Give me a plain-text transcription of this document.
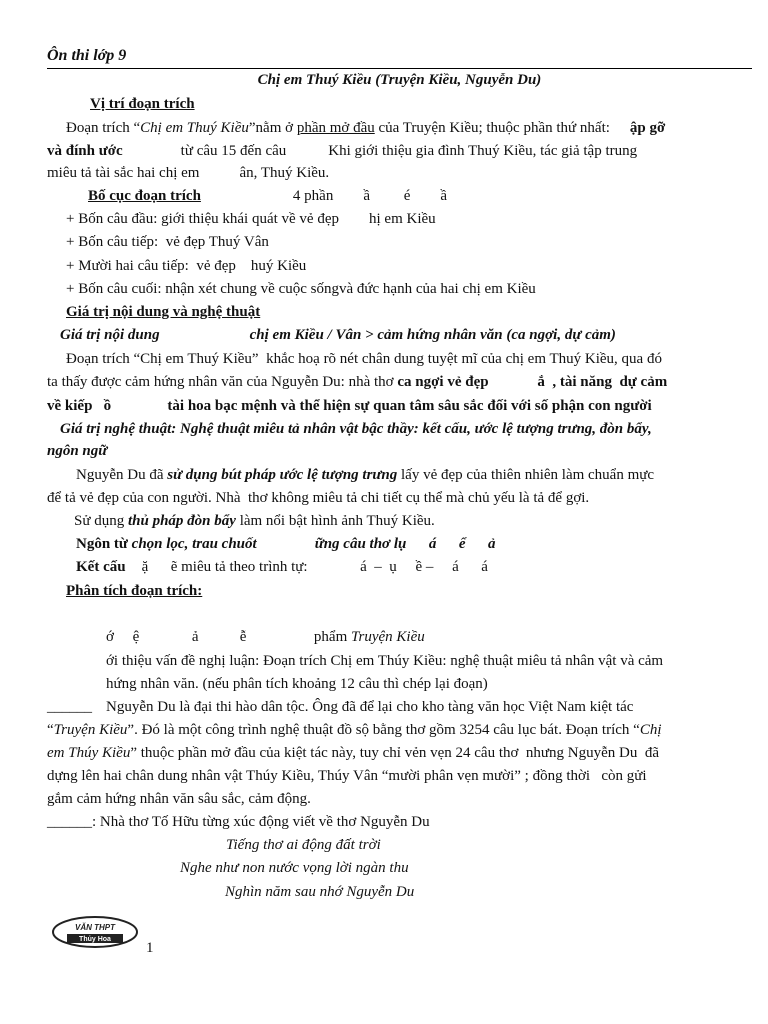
Ôn thi lớp 9
Chị em Thuý Kiều (Truyện Kiều, Nguyễn Du)
Vị trí đoạn trích
Đoạn trích “Chị em Thuý Kiều”nằm ở phần mở đầu của Truyện Kiều; thuộc phần thứ nhất: ập gỡ
và đính ước	từ câu 15 đến câu	Khi giới thiệu gia đình Thuý Kiều, tác giả tập trung
miêu tả tài sắc hai chị em	ân, Thuý Kiều.
Bố cục đoạn trích	4 phần        ầ         é        ầ
+ Bốn câu đầu: giới thiệu khái quát về vẻ đẹp        hị em Kiều
+ Bốn câu tiếp:  vẻ đẹp Thuý Vân
+ Mười hai câu tiếp:  vẻ đẹp    huý Kiều
+ Bốn câu cuối: nhận xét chung về cuộc sốngvà đức hạnh của hai chị em Kiều
Giá trị nội dung và nghệ thuật
Giá trị nội dung	chị em Kiều / Vân > cảm hứng nhân văn (ca ngợi, dự cảm)
Đoạn trích “Chị em Thuý Kiều”  khắc hoạ rõ nét chân dung tuyệt mĩ của chị em Thuý Kiều, qua đó
ta thấy được cảm hứng nhân văn của Nguyễn Du: nhà thơ ca ngợi vẻ đẹp             ắ  , tài năng  dự cảm
về kiếp   ồ               tài hoa bạc mệnh và thể hiện sự quan tâm sâu sắc đối với số phận con người
Giá trị nghệ thuật: Nghệ thuật miêu tả nhân vật bậc thầy: kết cấu, ước lệ tượng trưng, đòn bẩy,
ngôn ngữ
Nguyễn Du đã sử dụng bút pháp ước lệ tượng trưng lấy vẻ đẹp của thiên nhiên làm chuẩn mực
để tả vẻ đẹp của con người. Nhà  thơ không miêu tả chi tiết cụ thể mà chủ yếu là tả để gợi.
Sử dụng thủ pháp đòn bẩy làm nổi bật hình ảnh Thuý Kiều.
Ngôn từ chọn lọc, trau chuốt	ững câu thơ lụ      á      ể      ả
Kết cấu ặ      ẽ miêu tả theo trình tự:              á  –  ụ     ề –     á      á
Phân tích đoạn trích:
ớ     ệ              ả           ễ                  phẩm Truyện Kiều
ới thiệu vấn đề nghị luận: Đoạn trích Chị em Thúy Kiều: nghệ thuật miêu tả nhân vật và cảm
hứng nhân văn. (nếu phân tích khoảng 12 câu thì chép lại đoạn)
______ Nguyễn Du là đại thi hào dân tộc. Ông đã để lại cho kho tàng văn học Việt Nam kiệt tác
“Truyện Kiều”. Đó là một công trình nghệ thuật đồ sộ bằng thơ gồm 3254 câu lục bát. Đoạn trích “Chị
em Thúy Kiều” thuộc phần mở đầu của kiệt tác này, tuy chỉ vẻn vẹn 24 câu thơ  nhưng Nguyễn Du  đã
dựng lên hai chân dung nhân vật Thúy Kiều, Thúy Vân “mười phân vẹn mười” ; đồng thời   còn gửi
gắm cảm hứng nhân văn sâu sắc, cảm động.
______: Nhà thơ Tố Hữu từng xúc động viết về thơ Nguyễn Du
Tiếng thơ ai động đất trời
Nghe như non nước vọng lời ngàn thu
Nghìn năm sau nhớ Nguyễn Du
VĂN THPT
Thủy Hoa
1
